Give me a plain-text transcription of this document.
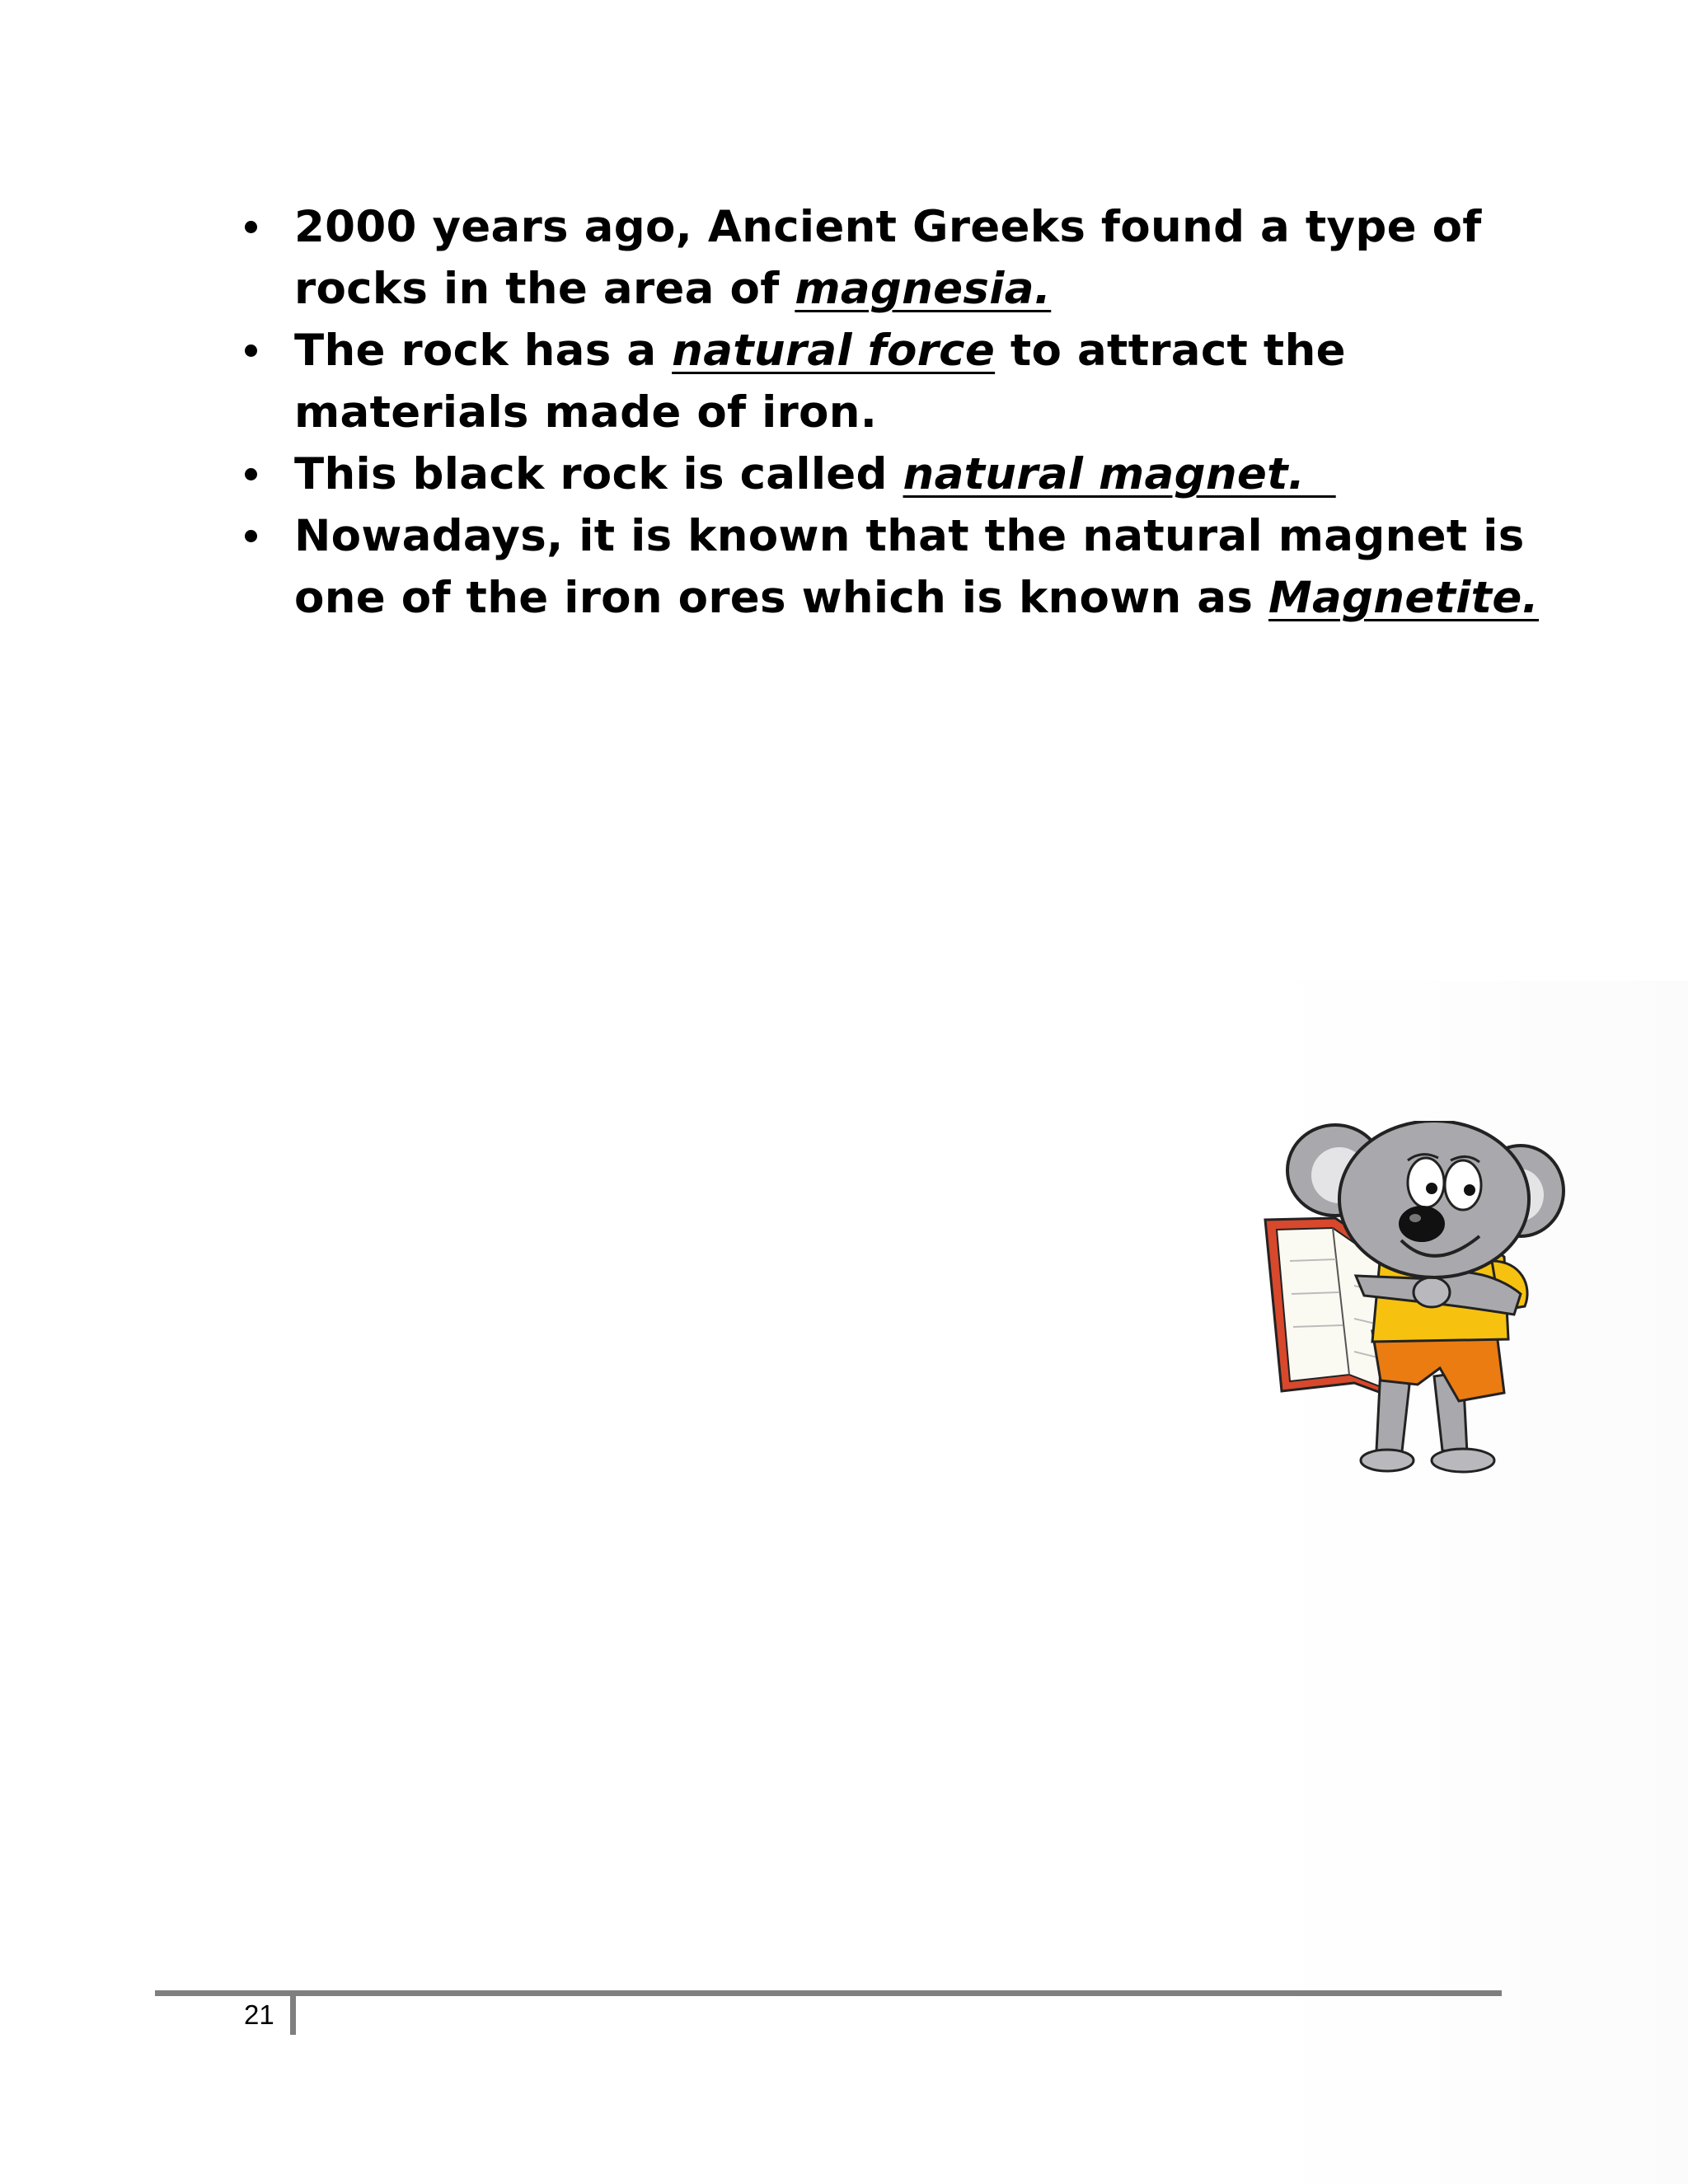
2000 years ago, Ancient Greeks found a type of rocks in the area of magnesia.
The rock has a natural force to attract the materials made of iron.
This black rock is called natural magnet.
Nowadays, it is known that the natural magnet is one of the iron ores which is known as Magnetite.
21
